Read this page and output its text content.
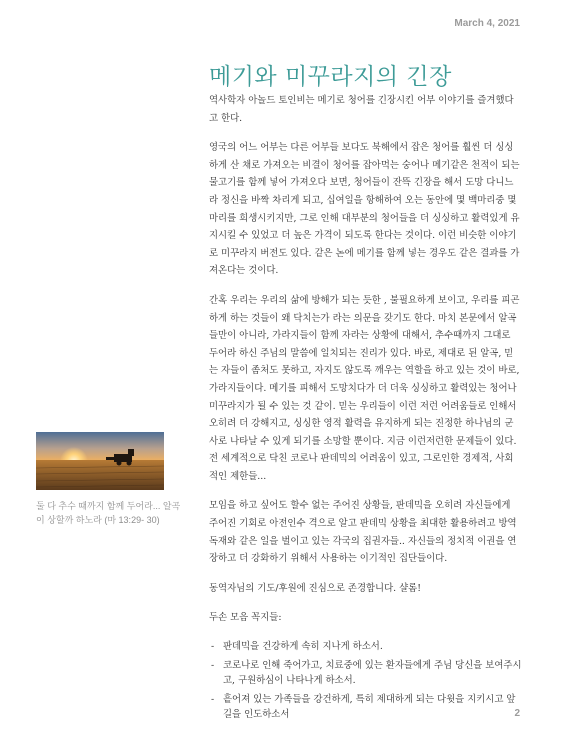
March 4, 2021
메기와 미꾸라지의 긴장

역사학자 아놀드 토인비는 메기로 청어를 긴장시킨 어부 이야기를 즐겨했다고 한다.

영국의 어느 어부는 다른 어부들 보다도 북해에서 잡은 청어를 훨씬 더 싱싱하게 산 채로 가져오는 비결이 청어를 잡아먹는 숭어나 메기같은 천적이 되는 물고기를 함께 넣어 가져오다 보면, 청어들이 잔뜩 긴장을 해서 도망 다니느라 정신을 바짝 차리게 되고, 십여일을 항해하여 오는 동안에 몇 백마리중 몇 마리를 희생시키지만, 그로 인해 대부분의 청어들을 더 싱싱하고 활력있게 유지시킬 수 있었고 더 높은 가격이 되도록 한다는 것이다. 이런 비슷한 이야기로 미꾸라지 버전도 있다. 같은 논에 메기를 함께 넣는 경우도 같은 결과를 가져온다는 것이다.

간혹 우리는 우리의 삶에 방해가 되는 듯한 , 불필요하게 보이고, 우리를 피곤하게 하는 것들이 왜 닥치는가 라는 의문을 갖기도 한다. 마치 본문에서 알곡들만이 아니라, 가라지들이 함께 자라는 상황에 대해서, 추수때까지 그대로 두어라 하신 주님의 말씀에 일치되는 진리가 있다. 바로, 제대로 된 알곡, 믿는 자들이 좀처도 못하고, 자지도 않도록 깨우는 역할을 하고 있는 것이 바로, 가라지들이다. 메기를 피해서 도망치다가 더 더욱 싱싱하고 활력있는 청어나 미꾸라지가 될 수 있는 것 같이. 믿는 우리들이 이런 저런 어려움들로 인해서 오히려 더 강해지고, 싱싱한 영적 활력을 유지하게 되는 진정한 하나님의 군사로 나타날 수 있게 되기를 소망할 뿐이다. 지금 이런저런한 문제들이 있다.전 세계적으로 닥친 코로나 판데믹의 어려움이 있고, 그로인한 경제적, 사회적인 제한들...

모임을 하고 싶어도 할수 없는 주어진 상황들, 판데믹을 오히려 자신들에게 주어진 기회로 아전인수 격으로 알고 판데믹 상황을 최대한 활용하려고 방역 독재와 같은 일을 벌이고 있는 각국의 집권자들.. 자신들의 정치적 이권을 연장하고 더 강화하기 위해서 사용하는 이기적인 집단들이다.

동역자님의 기도/후원에 진심으로 존경합니다. 샬롬!

두손 모음 꼭지들:

- 판데믹을 건강하게 속히 지나게 하소서.
- 코로나로 인해 죽어가고, 치료중에 있는 환자들에게 주님 당신을 보여주시고, 구원하심이 나타나게 하소서.
- 흩어져 있는 가족들을 강건하게, 특히 제대하게 되는 다윗을 지키시고 앞길을 인도하소서

둘 다 추수 때까지 함께 두어라... 알곡이 상할까 하노라 (마 13:29- 30)

2
